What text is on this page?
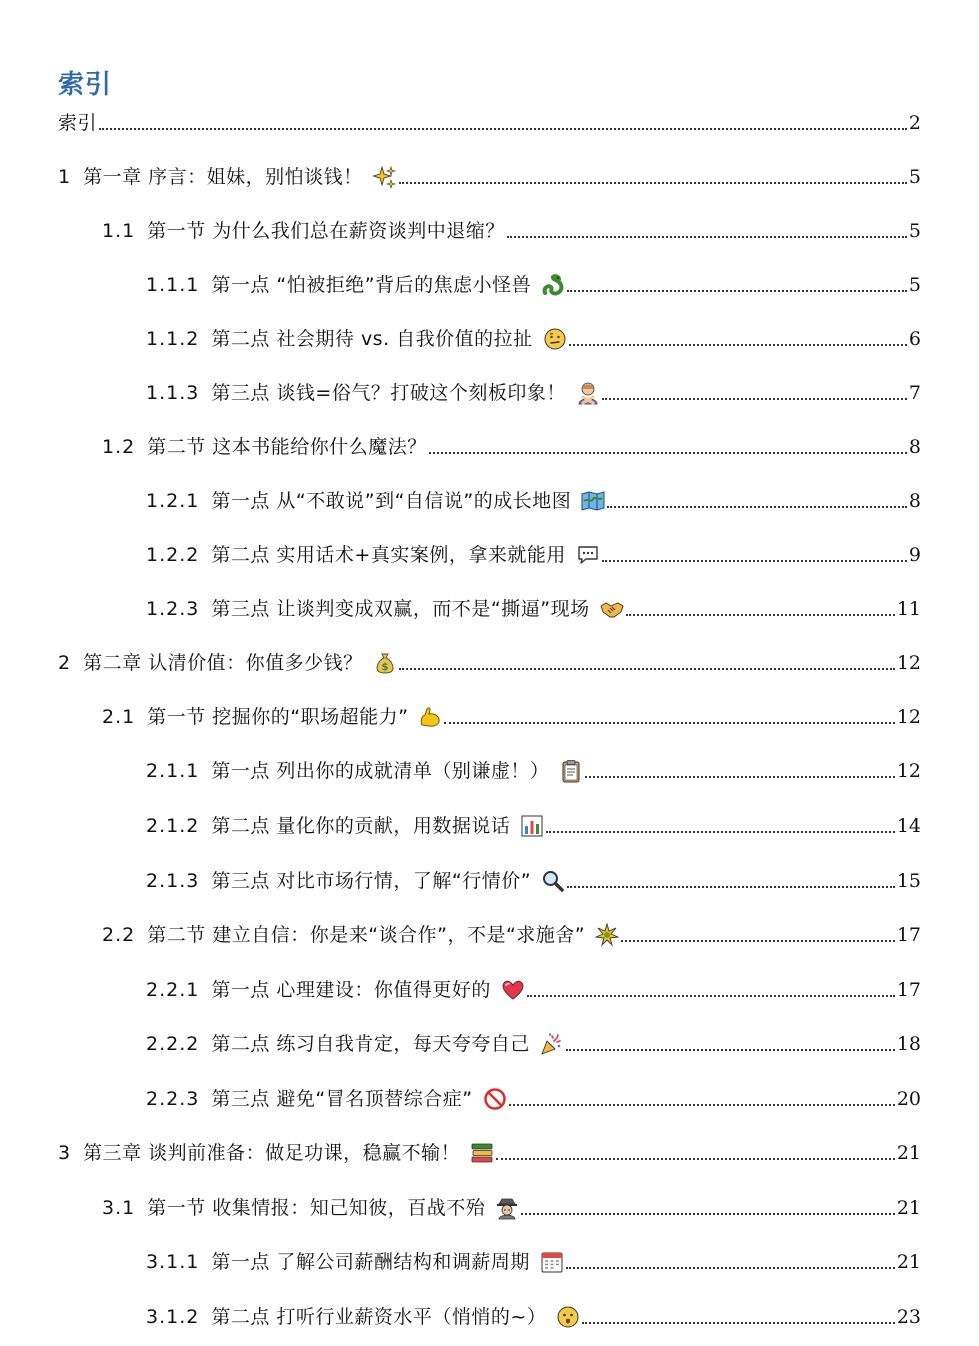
索引
索引	2
1 第一章 序言：姐妹，别怕谈钱！	5
1.1 第一节 为什么我们总在薪资谈判中退缩？	5
1.1.1 第一点 “怕被拒绝”背后的焦虑小怪兽	5
1.1.2 第二点 社会期待 vs. 自我价值的拉扯	6
1.1.3 第三点 谈钱=俗气？打破这个刻板印象！	7
1.2 第二节 这本书能给你什么魔法？	8
1.2.1 第一点 从“不敢说”到“自信说”的成长地图	8
1.2.2 第二点 实用话术+真实案例，拿来就能用	9
1.2.3 第三点 让谈判变成双赢，而不是“撕逼”现场	11
2 第二章 认清价值：你值多少钱？ $	12
2.1 第一节 挖掘你的“职场超能力”	12
2.1.1 第一点 列出你的成就清单（别谦虚！）	12
2.1.2 第二点 量化你的贡献，用数据说话	14
2.1.3 第三点 对比市场行情，了解“行情价”	15
2.2 第二节 建立自信：你是来“谈合作”，不是“求施舍”	17
2.2.1 第一点 心理建设：你值得更好的	17
2.2.2 第二点 练习自我肯定，每天夸夸自己	18
2.2.3 第三点 避免“冒名顶替综合症”	20
3 第三章 谈判前准备：做足功课，稳赢不输！	21
3.1 第一节 收集情报：知己知彼，百战不殆	21
3.1.1 第一点 了解公司薪酬结构和调薪周期	21
3.1.2 第二点 打听行业薪资水平（悄悄的~）	23
